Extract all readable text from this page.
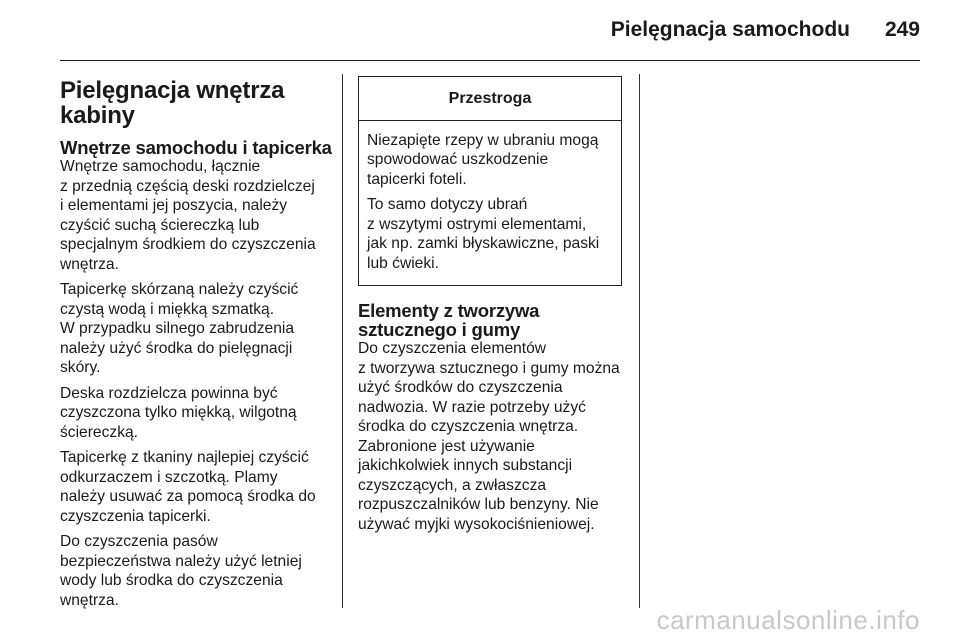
Pielęgnacja samochodu 249
Pielęgnacja wnętrza
kabiny
Wnętrze samochodu i tapicerka

Wnętrze samochodu, łącznie
z przednią częścią deski rozdzielczej
i elementami jej poszycia, należy
czyścić suchą ściereczką lub
specjalnym środkiem do czyszczenia
wnętrza.

Tapicerkę skórzaną należy czyścić
czystą wodą i miękką szmatką.
W przypadku silnego zabrudzenia
należy użyć środka do pielęgnacji
skóry.

Deska rozdzielcza powinna być
czyszczona tylko miękką, wilgotną
ściereczką.

Tapicerkę z tkaniny najlepiej czyścić
odkurzaczem i szczotką. Plamy
należy usuwać za pomocą środka do
czyszczenia tapicerki.

Do czyszczenia pasów
bezpieczeństwa należy użyć letniej
wody lub środka do czyszczenia
wnętrza.

Przestroga

Niezapięte rzepy w ubraniu mogą
spowodować uszkodzenie
tapicerki foteli.

To samo dotyczy ubrań
z wszytymi ostrymi elementami,
jak np. zamki błyskawiczne, paski
lub ćwieki.

Elementy z tworzywa
sztucznego i gumy

Do czyszczenia elementów
z tworzywa sztucznego i gumy można
użyć środków do czyszczenia
nadwozia. W razie potrzeby użyć
środka do czyszczenia wnętrza.
Zabronione jest używanie
jakichkolwiek innych substancji
czyszczących, a zwłaszcza
rozpuszczalników lub benzyny. Nie
używać myjki wysokociśnieniowej.

carmanualsonline.info
